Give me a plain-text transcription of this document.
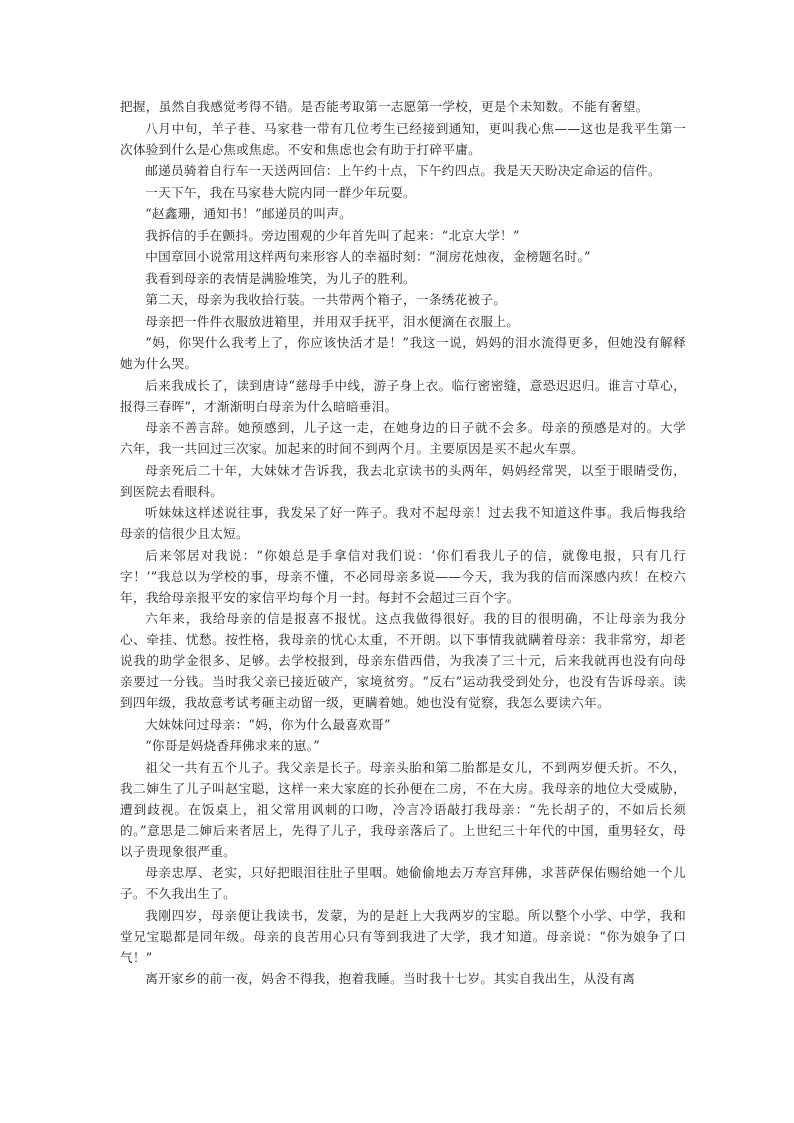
把握，虽然自我感觉考得不错。是否能考取第一志愿第一学校，更是个未知数。不能有奢望。

八月中旬，羊子巷、马家巷一带有几位考生已经接到通知，更叫我心焦——这也是我平生第一次体验到什么是心焦或焦虑。不安和焦虑也会有助于打碎平庸。

邮递员骑着自行车一天送两回信：上午约十点，下午约四点。我是天天盼决定命运的信件。

一天下午，我在马家巷大院内同一群少年玩耍。

“赵鑫珊，通知书！”邮递员的叫声。

我拆信的手在颤抖。旁边围观的少年首先叫了起来：“北京大学！”

中国章回小说常用这样两句来形容人的幸福时刻：“洞房花烛夜，金榜题名时。”

我看到母亲的表情是满脸堆笑，为儿子的胜利。

第二天，母亲为我收拾行装。一共带两个箱子，一条绣花被子。

母亲把一件件衣服放进箱里，并用双手抚平，泪水便滴在衣服上。

“妈，你哭什么我考上了，你应该快活才是！”我这一说，妈妈的泪水流得更多，但她没有解释她为什么哭。

后来我成长了，读到唐诗“慈母手中线，游子身上衣。临行密密缝，意恐迟迟归。谁言寸草心，报得三春晖”，才渐渐明白母亲为什么暗暗垂泪。

母亲不善言辞。她预感到，儿子这一走，在她身边的日子就不会多。母亲的预感是对的。大学六年，我一共回过三次家。加起来的时间不到两个月。主要原因是买不起火车票。

母亲死后二十年，大妹妹才告诉我，我去北京读书的头两年，妈妈经常哭，以至于眼睛受伤，到医院去看眼科。

听妹妹这样述说往事，我发呆了好一阵子。我对不起母亲！过去我不知道这件事。我后悔我给母亲的信很少且太短。

后来邻居对我说：“你娘总是手拿信对我们说：‘你们看我儿子的信，就像电报，只有几行字！’”我总以为学校的事，母亲不懂，不必同母亲多说——今天，我为我的信而深感内疚！在校六年，我给母亲报平安的家信平均每个月一封。每封不会超过三百个字。

六年来，我给母亲的信是报喜不报忧。这点我做得很好。我的目的很明确，不让母亲为我分心、牵挂、忧愁。按性格，我母亲的忧心太重，不开朗。以下事情我就瞒着母亲：我非常穷，却老说我的助学金很多、足够。去学校报到，母亲东借西借，为我凑了三十元，后来我就再也没有向母亲要过一分钱。当时我父亲已接近破产，家境贫穷。“反右”运动我受到处分，也没有告诉母亲。读到四年级，我故意考试考砸主动留一级，更瞒着她。她也没有觉察，我怎么要读六年。

大妹妹问过母亲：“妈，你为什么最喜欢哥”

“你哥是妈烧香拜佛求来的崽。”

祖父一共有五个儿子。我父亲是长子。母亲头胎和第二胎都是女儿，不到两岁便夭折。不久，我二婶生了儿子叫赵宝聪，这样一来大家庭的长孙便在二房，不在大房。我母亲的地位大受威胁，遭到歧视。在饭桌上，祖父常用讽刺的口吻，冷言冷语敲打我母亲：“先长胡子的，不如后长须的。”意思是二婶后来者居上，先得了儿子，我母亲落后了。上世纪三十年代的中国，重男轻女，母以子贵现象很严重。

母亲忠厚、老实，只好把眼泪往肚子里咽。她偷偷地去万寿宫拜佛，求菩萨保佑赐给她一个儿子。不久我出生了。

我刚四岁，母亲便让我读书，发蒙，为的是赶上大我两岁的宝聪。所以整个小学、中学，我和堂兄宝聪都是同年级。母亲的良苦用心只有等到我进了大学，我才知道。母亲说：“你为娘争了口气！”

离开家乡的前一夜，妈舍不得我，抱着我睡。当时我十七岁。其实自我出生，从没有离
